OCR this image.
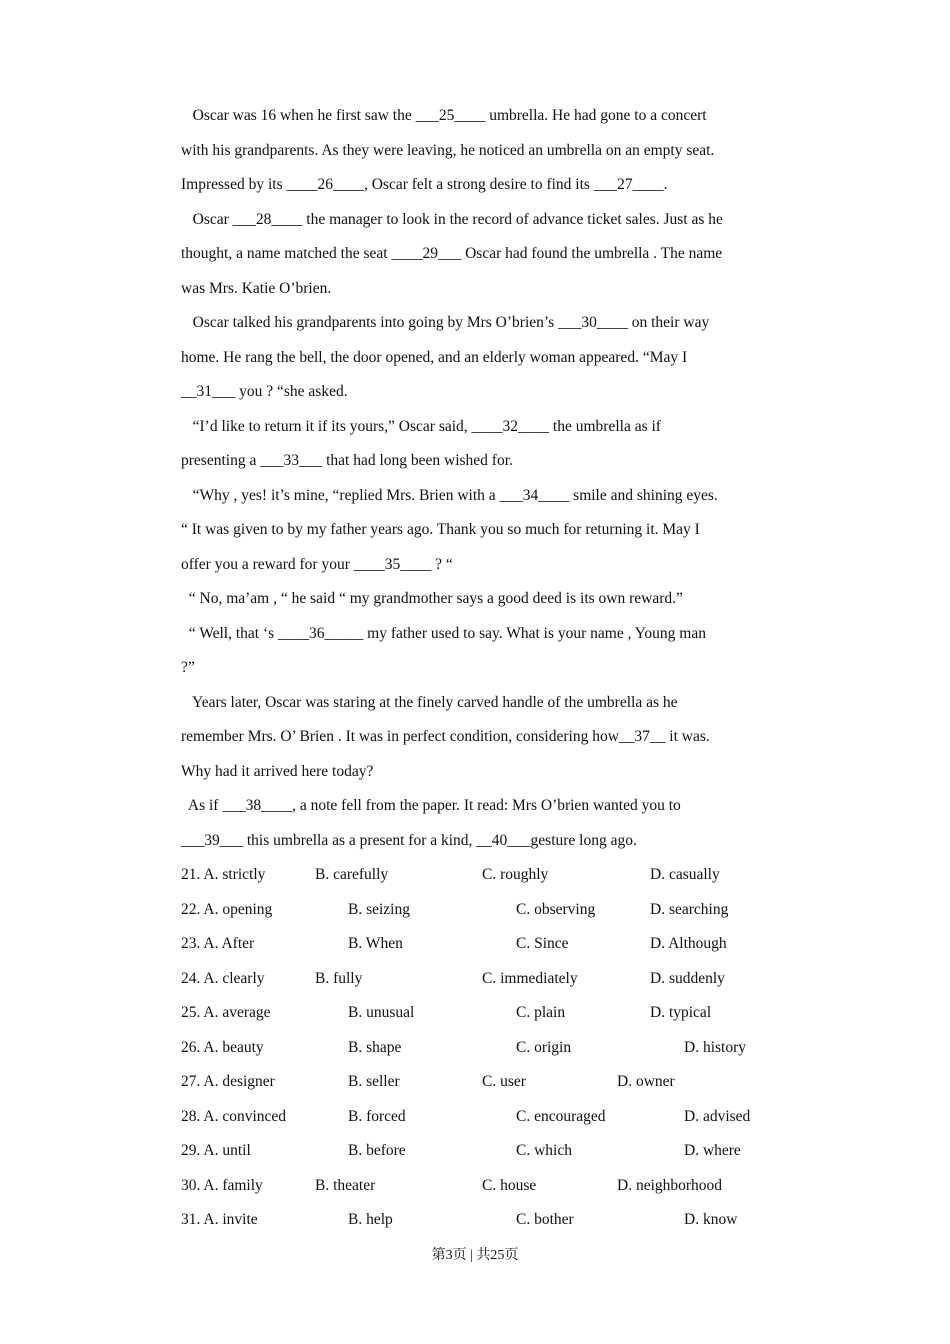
Oscar was 16 when he first saw the ___25____ umbrella. He had gone to a concert
with his grandparents. As they were leaving, he noticed an umbrella on an empty seat.
Impressed by its ____26____, Oscar felt a strong desire to find its ___27____.
Oscar ___28____ the manager to look in the record of advance ticket sales. Just as he
thought, a name matched the seat ____29___ Oscar had found the umbrella . The name
was Mrs. Katie O’brien.
Oscar talked his grandparents into going by Mrs O’brien’s ___30____ on their way
home. He rang the bell, the door opened, and an elderly woman appeared. “May I
__31___ you ? “she asked.
“I’d like to return it if its yours,” Oscar said, ____32____ the umbrella as if
presenting a ___33___ that had long been wished for.
“Why , yes! it’s mine, “replied Mrs. Brien with a ___34____ smile and shining eyes.
“ It was given to by my father years ago. Thank you so much for returning it. May I
offer you a reward for your ____35____ ? “
“ No, ma’am , “ he said “ my grandmother says a good deed is its own reward.”
“ Well, that ‘s ____36_____ my father used to say. What is your name , Young man
?”
Years later, Oscar was staring at the finely carved handle of the umbrella as he
remember Mrs. O’ Brien . It was in perfect condition, considering how__37__ it was.
Why had it arrived here today?
As if ___38____, a note fell from the paper. It read: Mrs O’brien wanted you to
___39___ this umbrella as a present for a kind, __40___gesture long ago.
21. A. strictly	B. carefully	C. roughly	D. casually
22. A. opening	B. seizing	C. observing	D. searching
23. A. After	B. When	C. Since	D. Although
24. A. clearly	B. fully	C. immediately	D. suddenly
25. A. average	B. unusual	C. plain	D. typical
26. A. beauty	B. shape	C. origin	D. history
27. A. designer	B. seller	C. user	D. owner
28. A. convinced	B. forced	C. encouraged	D. advised
29. A. until	B. before	C. which	D. where
30. A. family	B. theater	C. house	D. neighborhood
31. A. invite	B. help	C. bother	D. know
第3页 | 共25页
